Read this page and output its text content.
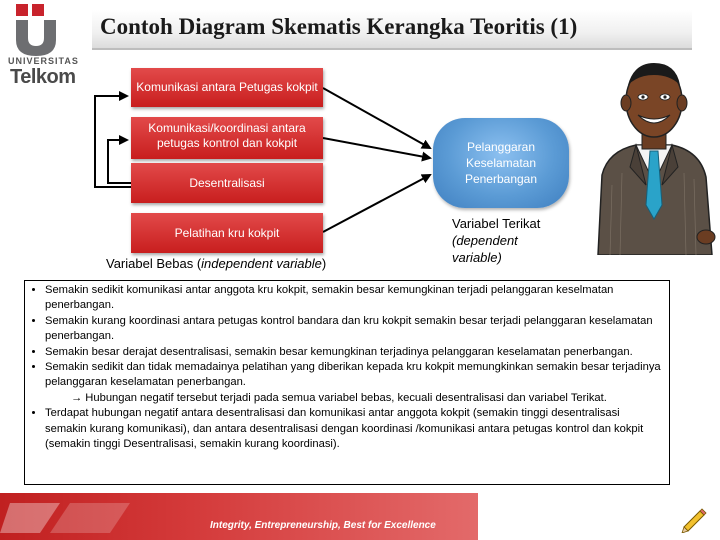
UNIVERSITAS
Telkom
Contoh Diagram Skematis Kerangka Teoritis (1)
Komunikasi antara Petugas kokpit
Komunikasi/koordinasi antara petugas kontrol dan kokpit
Desentralisasi
Pelatihan kru kokpit
Pelanggaran Keselamatan Penerbangan
Variabel Bebas (independent variable)
Variabel Terikat
(dependent variable)
• Semakin sedikit komunikasi antar anggota kru kokpit, semakin besar kemungkinan terjadi pelanggaran keselmatan penerbangan.
• Semakin kurang koordinasi antara petugas kontrol bandara dan kru kokpit semakin besar terjadi pelanggaran keselamatan penerbangan.
• Semakin besar derajat desentralisasi, semakin besar kemungkinan terjadinya pelanggaran keselamatan penerbangan.
• Semakin sedikit dan tidak memadainya pelatihan yang diberikan kepada kru kokpit memungkinkan semakin besar terjadinya pelanggaran keselamatan penerbangan.
→ Hubungan negatif tersebut terjadi pada semua variabel bebas, kecuali desentralisasi dan variabel Terikat.
• Terdapat hubungan negatif antara desentralisasi dan komunikasi antar anggota kokpit (semakin tinggi desentralisasi semakin kurang komunikasi), dan antara desentralisasi dengan koordinasi /komunikasi antara petugas kontrol dan kokpit (semakin tinggi Desentralisasi, semakin kurang koordinasi).
Integrity, Entrepreneurship, Best for Excellence
